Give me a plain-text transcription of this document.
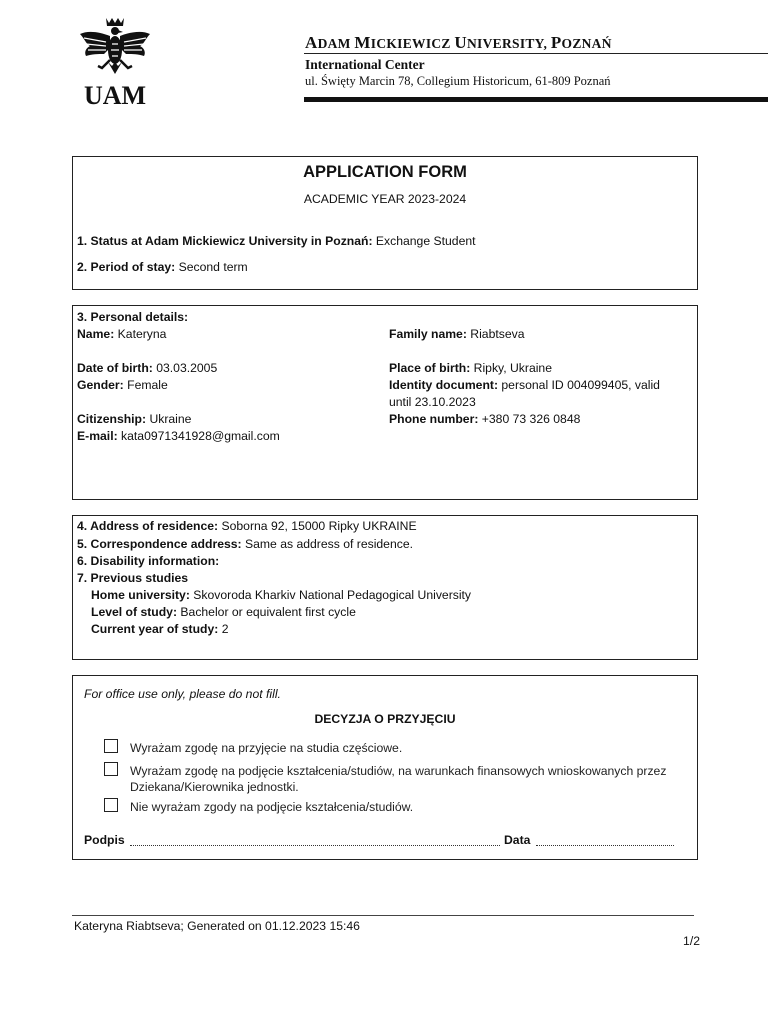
UAM
ADAM MICKIEWICZ UNIVERSITY, POZNAŃ
International Center
ul. Święty Marcin 78, Collegium Historicum, 61-809 Poznań
APPLICATION FORM
ACADEMIC YEAR 2023-2024
1. Status at Adam Mickiewicz University in Poznań: Exchange Student
2. Period of stay: Second term
3. Personal details:
Name: Kateryna	Family name: Riabtseva
Date of birth: 03.03.2005	Place of birth: Ripky, Ukraine
Gender: Female	Identity document: personal ID 004099405, valid
until 23.10.2023
Citizenship: Ukraine	Phone number: +380 73 326 0848
E-mail: kata0971341928@gmail.com
4. Address of residence: Soborna 92, 15000 Ripky UKRAINE
5. Correspondence address: Same as address of residence.
6. Disability information:
7. Previous studies
Home university: Skovoroda Kharkiv National Pedagogical University
Level of study: Bachelor or equivalent first cycle
Current year of study: 2
For office use only, please do not fill.
DECYZJA O PRZYJĘCIU
Wyrażam zgodę na przyjęcie na studia częściowe.
Wyrażam zgodę na podjęcie kształcenia/studiów, na warunkach finansowych wnioskowanych przez
Dziekana/Kierownika jednostki.
Nie wyrażam zgody na podjęcie kształcenia/studiów.
Podpis	Data
Kateryna Riabtseva; Generated on 01.12.2023 15:46
1/2
